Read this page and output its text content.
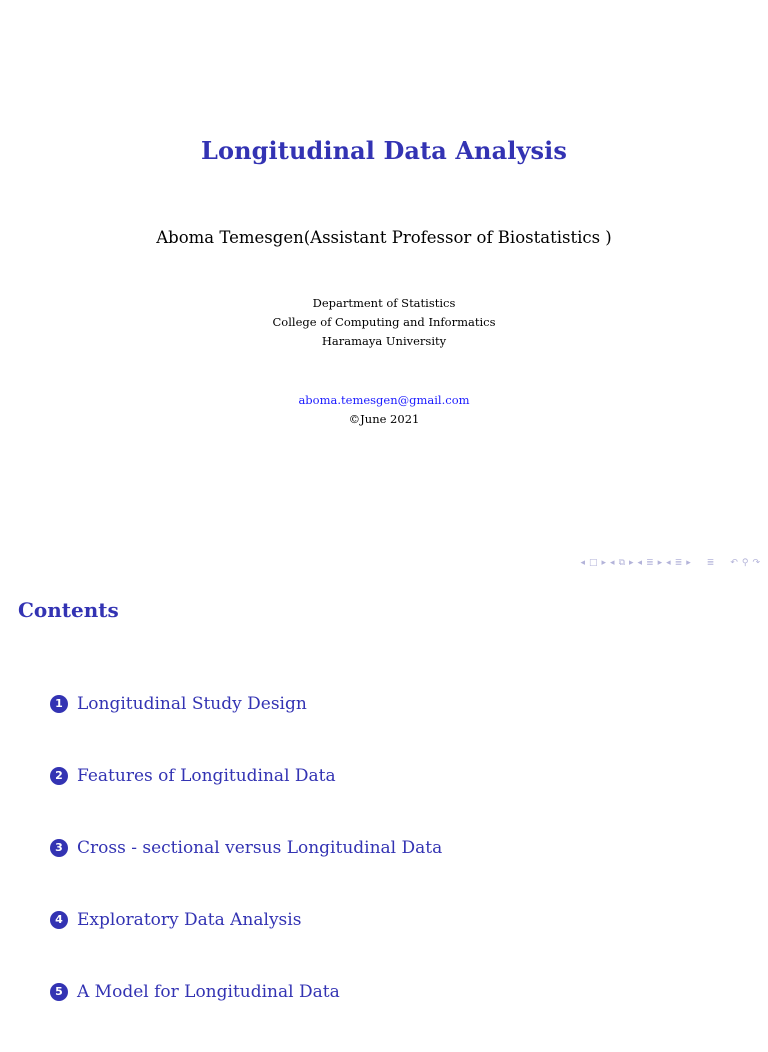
Longitudinal Data Analysis
Aboma Temesgen(Assistant Professor of Biostatistics )
Department of Statistics
College of Computing and Informatics
Haramaya University
aboma.temesgen@gmail.com
©June 2021
◂ □ ▸ ◂ ⧉ ▸ ◂ ≣ ▸ ◂ ≣ ▸ ≣ ↶ ⚲ ↷
Contents
1 Longitudinal Study Design
2 Features of Longitudinal Data
3 Cross - sectional versus Longitudinal Data
4 Exploratory Data Analysis
5 A Model for Longitudinal Data
